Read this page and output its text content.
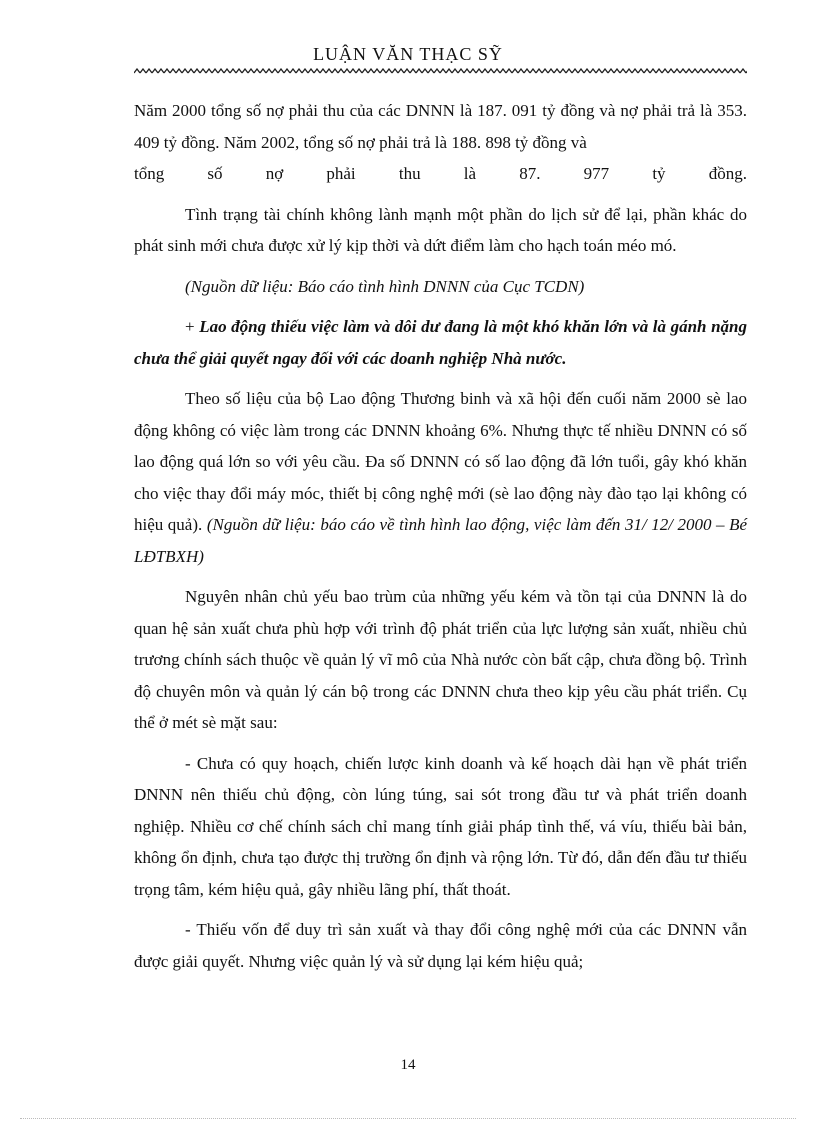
LUẬN VĂN THẠC SỸ

Năm 2000 tổng số nợ phải thu của các DNNN là 187. 091 tỷ đồng và nợ phải trả là 353. 409 tỷ đồng. Năm 2002, tổng số nợ phải trả là 188. 898 tỷ đồng và
tổng số nợ phải thu là 87. 977 tỷ đồng.

Tình trạng tài chính không lành mạnh một phần do lịch sử để lại, phần khác do phát sinh mới chưa được xử lý kịp thời và dứt điểm làm cho hạch toán méo mó.

(Nguồn dữ liệu: Báo cáo tình hình DNNN của Cục TCDN)

+ Lao động thiếu việc làm và dôi dư đang là một khó khăn lớn và là gánh nặng chưa thể giải quyết ngay đối với các doanh nghiệp Nhà nước.

Theo số liệu của bộ Lao động Thương binh và xã hội đến cuối năm 2000 sè lao động không có việc làm trong các DNNN khoảng 6%. Nhưng thực tế nhiều DNNN có số lao động quá lớn so với yêu cầu. Đa số DNNN có số lao động đã lớn tuổi, gây khó khăn cho việc thay đổi máy móc, thiết bị công nghệ mới (sè lao động này đào tạo lại không có hiệu quả). (Nguồn dữ liệu: báo cáo về tình hình lao động, việc làm đến 31/ 12/ 2000 – Bé LĐTBXH)

Nguyên nhân chủ yếu bao trùm của những yếu kém và tồn tại của DNNN là do quan hệ sản xuất chưa phù hợp với trình độ phát triển của lực lượng sản xuất, nhiều chủ trương chính sách thuộc về quản lý vĩ mô của Nhà nước còn bất cập, chưa đồng bộ. Trình độ chuyên môn và quản lý cán bộ trong các DNNN chưa theo kịp yêu cầu phát triển. Cụ thể ở mét sè mặt sau:

- Chưa có quy hoạch, chiến lược kinh doanh và kế hoạch dài hạn về phát triển DNNN nên thiếu chủ động, còn lúng túng, sai sót trong đầu tư và phát triển doanh nghiệp. Nhiều cơ chế chính sách chỉ mang tính giải pháp tình thế, vá víu, thiếu bài bản, không ổn định, chưa tạo được thị trường ổn định và rộng lớn. Từ đó, dẫn đến đầu tư thiếu trọng tâm, kém hiệu quả, gây nhiều lãng phí, thất thoát.

- Thiếu vốn để duy trì sản xuất và thay đổi công nghệ mới của các DNNN vẫn được giải quyết. Nhưng việc quản lý và sử dụng lại kém hiệu quả;

14
